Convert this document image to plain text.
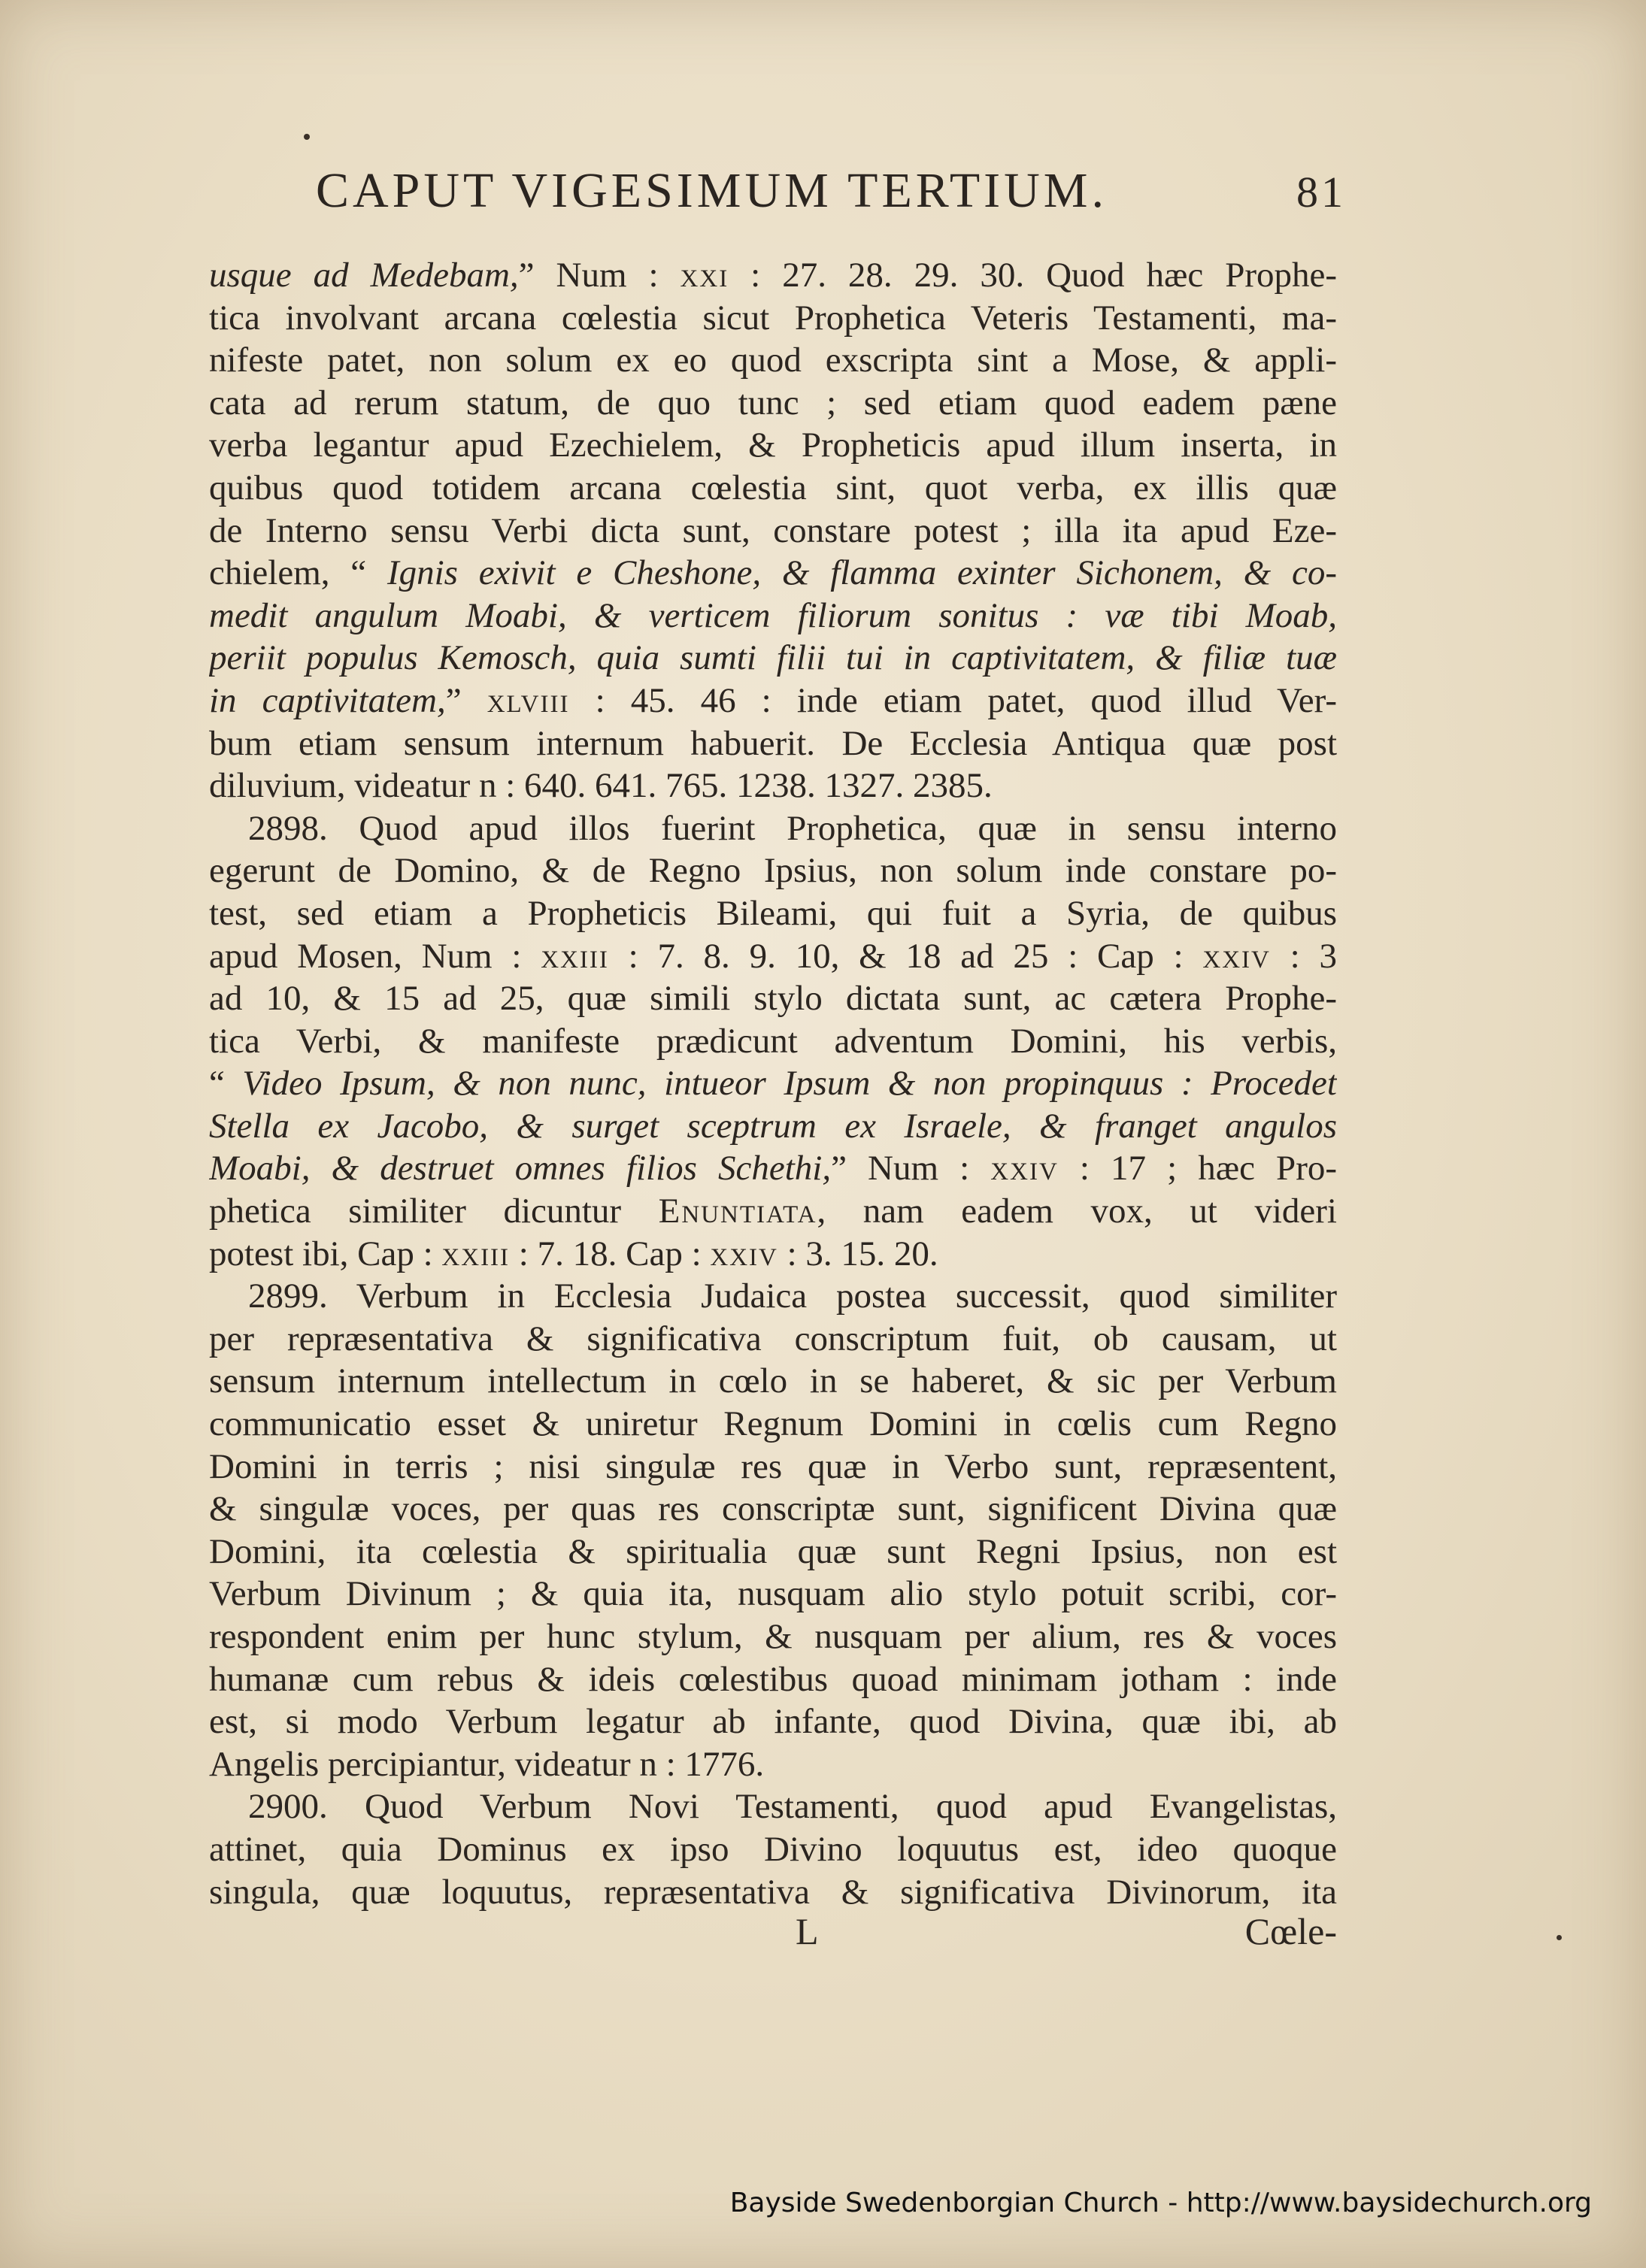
CAPUT VIGESIMUM TERTIUM.	81
usque ad Medebam,” Num : xxi : 27. 28. 29. 30. Quod hæc Prophe-
tica involvant arcana cœlestia sicut Prophetica Veteris Testamenti, ma-
nifeste patet, non solum ex eo quod exscripta sint a Mose, & appli-
cata ad rerum statum, de quo tunc ; sed etiam quod eadem pæne
verba legantur apud Ezechielem, & Propheticis apud illum inserta, in
quibus quod totidem arcana cœlestia sint, quot verba, ex illis quæ
de Interno sensu Verbi dicta sunt, constare potest ; illa ita apud Eze-
chielem, “ Ignis exivit e Cheshone, & flamma exinter Sichonem, & co-
medit angulum Moabi, & verticem filiorum sonitus : væ tibi Moab,
periit populus Kemosch, quia sumti filii tui in captivitatem, & filiæ tuæ
in captivitatem,” xlviii : 45. 46 : inde etiam patet, quod illud Ver-
bum etiam sensum internum habuerit. De Ecclesia Antiqua quæ post
diluvium, videatur n : 640. 641. 765. 1238. 1327. 2385.
2898. Quod apud illos fuerint Prophetica, quæ in sensu interno
egerunt de Domino, & de Regno Ipsius, non solum inde constare po-
test, sed etiam a Propheticis Bileami, qui fuit a Syria, de quibus
apud Mosen, Num : xxiii : 7. 8. 9. 10, & 18 ad 25 : Cap : xxiv : 3
ad 10, & 15 ad 25, quæ simili stylo dictata sunt, ac cætera Prophe-
tica Verbi, & manifeste prædicunt adventum Domini, his verbis,
“ Video Ipsum, & non nunc, intueor Ipsum & non propinquus : Procedet
Stella ex Jacobo, & surget sceptrum ex Israele, & franget angulos
Moabi, & destruet omnes filios Schethi,” Num : xxiv : 17 ; hæc Pro-
phetica similiter dicuntur Enuntiata, nam eadem vox, ut videri
potest ibi, Cap : xxiii : 7. 18. Cap : xxiv : 3. 15. 20.
2899. Verbum in Ecclesia Judaica postea successit, quod similiter
per repræsentativa & significativa conscriptum fuit, ob causam, ut
sensum internum intellectum in cœlo in se haberet, & sic per Verbum
communicatio esset & uniretur Regnum Domini in cœlis cum Regno
Domini in terris ; nisi singulæ res quæ in Verbo sunt, repræsentent,
& singulæ voces, per quas res conscriptæ sunt, significent Divina quæ
Domini, ita cœlestia & spiritualia quæ sunt Regni Ipsius, non est
Verbum Divinum ; & quia ita, nusquam alio stylo potuit scribi, cor-
respondent enim per hunc stylum, & nusquam per alium, res & voces
humanæ cum rebus & ideis cœlestibus quoad minimam jotham : inde
est, si modo Verbum legatur ab infante, quod Divina, quæ ibi, ab
Angelis percipiantur, videatur n : 1776.
2900. Quod Verbum Novi Testamenti, quod apud Evangelistas,
attinet, quia Dominus ex ipso Divino loquutus est, ideo quoque
singula, quæ loquutus, repræsentativa & significativa Divinorum, ita
L	Cœle-
Bayside Swedenborgian Church - http://www.baysidechurch.org
